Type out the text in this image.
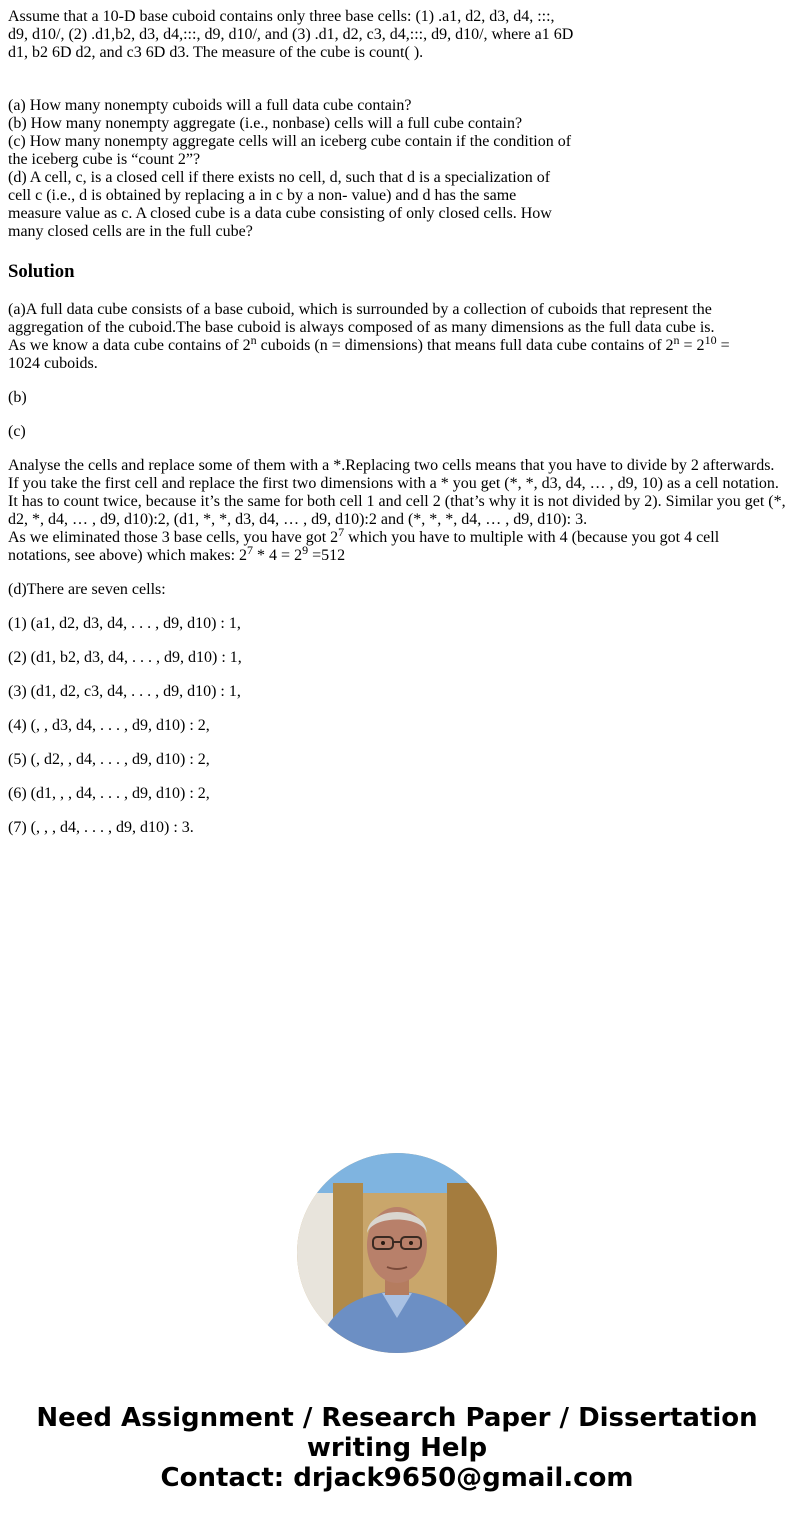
Assume that a 10-D base cuboid contains only three base cells: (1) .a1, d2, d3, d4, :::,
d9, d10/, (2) .d1,b2, d3, d4,:::, d9, d10/, and (3) .d1, d2, c3, d4,:::, d9, d10/, where a1 6D
d1, b2 6D d2, and c3 6D d3. The measure of the cube is count( ).
(a) How many nonempty cuboids will a full data cube contain?
(b) How many nonempty aggregate (i.e., nonbase) cells will a full cube contain?
(c) How many nonempty aggregate cells will an iceberg cube contain if the condition of
the iceberg cube is “count 2”?
(d) A cell, c, is a closed cell if there exists no cell, d, such that d is a specialization of
cell c (i.e., d is obtained by replacing a in c by a non- value) and d has the same
measure value as c. A closed cube is a data cube consisting of only closed cells. How
many closed cells are in the full cube?
Solution

(a)A full data cube consists of a base cuboid, which is surrounded by a collection of cuboids that represent the aggregation of the cuboid.The base cuboid is always composed of as many dimensions as the full data cube is.

As we know a data cube contains of 2$^n$ cuboids (n = dimensions) that means full data cube contains of $2^n = 2^{10}$ =
1024 cuboids.

(b)

(c)

Analyse the cells and replace some of them with a *.Replacing two cells means that you have to divide by 2 afterwards. If you take the first cell and replace the first two dimensions with a * you get (*, *, d3, d4, … , d9, 10) as a cell notation. It has to count twice, because it’s the same for both cell 1 and cell 2 (that’s why it is not divided by 2). Similar you get (*, d2, *, d4, … , d9, d10):2, (d1, *, *, d3, d4, … , d9, d10):2 and (*, *, *, d4, … , d9, d10): 3.

As we eliminated those 3 base cells, you have got $2^7$ which you have to multiple with 4 (because you got 4 cell
notations, see above) which makes: $2^7 * 4 = 2^9 =512$

(d)There are seven cells:

(1) (a1, d2, d3, d4, . . . , d9, d10) : 1,

(2) (d1, b2, d3, d4, . . . , d9, d10) : 1,

(3) (d1, d2, c3, d4, . . . , d9, d10) : 1,

(4) (, , d3, d4, . . . , d9, d10) : 2,

(5) (, d2, , d4, . . . , d9, d10) : 2,

(6) (d1, , , d4, . . . , d9, d10) : 2,

(7) (, , , d4, . . . , d9, d10) : 3.

Need Assignment / Research Paper / Dissertation
writing Help
Contact: drjack9650@gmail.com
